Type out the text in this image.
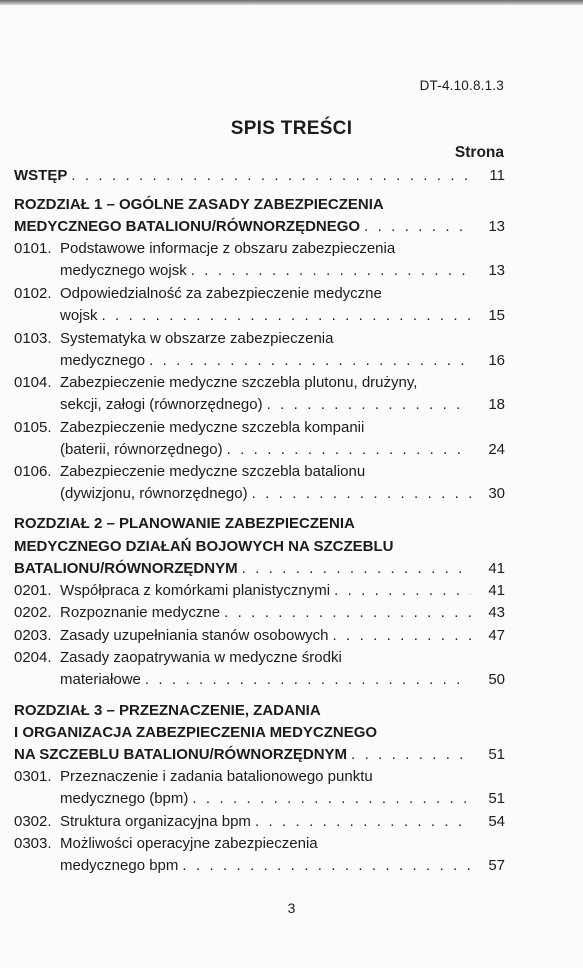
DT-4.10.8.1.3
SPIS TREŚCI
Strona
WSTĘP . . .	11
ROZDZIAŁ 1 – OGÓLNE ZASADY ZABEZPIECZENIA
MEDYCZNEGO BATALIONU/RÓWNORZĘDNEGO . . .	13
0101. Podstawowe informacje z obszaru zabezpieczenia
medycznego wojsk . . .	13
0102. Odpowiedzialność za zabezpieczenie medyczne
wojsk . . .	15
0103. Systematyka w obszarze zabezpieczenia
medycznego . . .	16
0104. Zabezpieczenie medyczne szczebla plutonu, drużyny,
sekcji, załogi (równorzędnego) . . .	18
0105. Zabezpieczenie medyczne szczebla kompanii
(baterii, równorzędnego) . . .	24
0106. Zabezpieczenie medyczne szczebla batalionu
(dywizjonu, równorzędnego) . . .	30
ROZDZIAŁ 2 – PLANOWANIE ZABEZPIECZENIA
MEDYCZNEGO DZIAŁAŃ BOJOWYCH NA SZCZEBLU
BATALIONU/RÓWNORZĘDNYM . . .	41
0201. Współpraca z komórkami planistycznymi . . .	41
0202. Rozpoznanie medyczne . . .	43
0203. Zasady uzupełniania stanów osobowych . . .	47
0204. Zasady zaopatrywania w medyczne środki
materiałowe . . .	50
ROZDZIAŁ 3 – PRZEZNACZENIE, ZADANIA
I ORGANIZACJA ZABEZPIECZENIA MEDYCZNEGO
NA SZCZEBLU BATALIONU/RÓWNORZĘDNYM . . .	51
0301. Przeznaczenie i zadania batalionowego punktu
medycznego (bpm) . . .	51
0302. Struktura organizacyjna bpm . . .	54
0303. Możliwości operacyjne zabezpieczenia
medycznego bpm . . .	57
3
